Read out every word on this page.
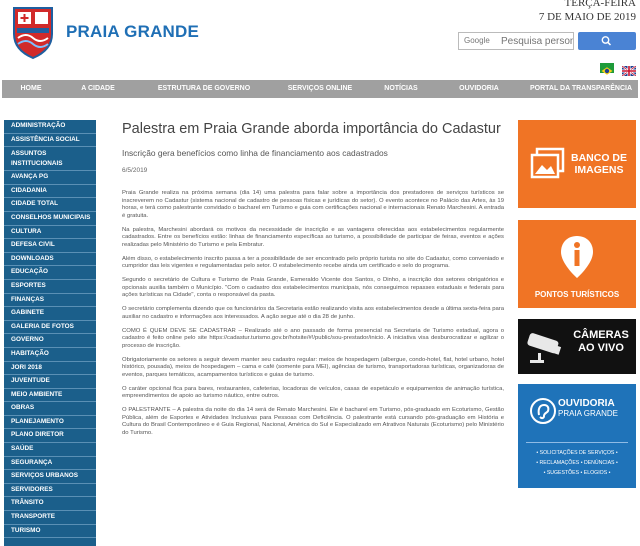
PRAIA GRANDE
TERÇA-FEIRA
7 DE MAIO DE 2019
Google
Pesquisa persona
HOME	A CIDADE	ESTRUTURA DE GOVERNO	SERVIÇOS ONLINE	NOTÍCIAS	OUVIDORIA	PORTAL DA TRANSPARÊNCIA
ADMINISTRAÇÃO
ASSISTÊNCIA SOCIAL
ASSUNTOS INSTITUCIONAIS
AVANÇA PG
CIDADANIA
CIDADE TOTAL
CONSELHOS MUNICIPAIS
CULTURA
DEFESA CIVIL
DOWNLOADS
EDUCAÇÃO
ESPORTES
FINANÇAS
GABINETE
GALERIA DE FOTOS
GOVERNO
HABITAÇÃO
JORI 2018
JUVENTUDE
MEIO AMBIENTE
OBRAS
PLANEJAMENTO
PLANO DIRETOR
SAÚDE
SEGURANÇA
SERVIÇOS URBANOS
SERVIDORES
TRÂNSITO
TRANSPORTE
TURISMO
Palestra em Praia Grande aborda importância do Cadastur
Inscrição gera benefícios como linha de financiamento aos cadastrados
6/5/2019

Praia Grande realiza na próxima semana (dia 14) uma palestra para falar sobre a importância dos prestadores de serviços turísticos se inscreverem no Cadastur (sistema nacional de cadastro de pessoas físicas e jurídicas do setor). O evento acontece no Palácio das Artes, às 19 horas, e terá como palestrante convidado o bacharel em Turismo e guia com certificações nacional e internacionais Renato Marchesini. A entrada é gratuita.

Na palestra, Marchesini abordará os motivos da necessidade de inscrição e as vantagens oferecidas aos estabelecimentos regularmente cadastrados. Entre os benefícios estão: linhas de financiamento específicas ao turismo, a possibilidade de participar de feiras, eventos e ações realizadas pelo Ministério do Turismo e pela Embratur.

Além disso, o estabelecimento inscrito passa a ter a possibilidade de ser encontrado pelo próprio turista no site do Cadastur, como conveniado e cumpridor das leis vigentes e regulamentadas pelo setor. O estabelecimento recebe ainda um certificado e selo do programa.

Segundo o secretário de Cultura e Turismo de Praia Grande, Esmeraldo Vicente dos Santos, o Dinho, a inscrição dos setores obrigatórios e opcionais auxilia também o Município. "Com o cadastro dos estabelecimentos municipais, nós conseguimos repasses estaduais e federais para ações turísticas na Cidade", conta o responsável da pasta.

O secretário complementa dizendo que os funcionários da Secretaria estão realizando visita aos estabelecimentos desde a última sexta-feira para auxiliar no cadastro e informações aos interessados. A ação segue até o dia 28 de junho.

COMO É QUEM DEVE SE CADASTRAR – Realizado até o ano passado de forma presencial na Secretaria de Turismo estadual, agora o cadastro é feito online pelo site https://cadastur.turismo.gov.br/hotsite/#!/public/sou-prestador/inicio. A iniciativa visa desburocratizar e agilizar o processo de inscrição.

Obrigatoriamente os setores a seguir devem manter seu cadastro regular: meios de hospedagem (albergue, condo-hotel, flat, hotel urbano, hotel histórico, pousada), meios de hospedagem – cama e café (somente para MEI), agências de turismo, transportadoras turísticas, organizadoras de eventos, parques temáticos, acampamentos turísticos e guias de turismo.

O caráter opcional fica para bares, restaurantes, cafeterias, locadoras de veículos, casas de espetáculo e equipamentos de animação turística, empreendimentos de apoio ao turismo náutico, entre outros.

O PALESTRANTE – A palestra da noite do dia 14 será de Renato Marchesini. Ele é bacharel em Turismo, pós-graduado em Ecoturismo, Gestão Pública, além de Esportes e Atividades Inclusivas para Pessoas com Deficiência. O palestrante está cursando pós-graduação em História e Cultura do Brasil Contemporâneo e é Guia Regional, Nacional, América do Sul e Especializado em Atrativos Naturais (Ecoturismo) pelo Ministério do Turismo.

BANCO DE
IMAGENS
PONTOS TURÍSTICOS
CÂMERAS
AO VIVO
OUVIDORIA
PRAIA GRANDE
• SOLICITAÇÕES DE SERVIÇOS •
• RECLAMAÇÕES • DENÚNCIAS •
• SUGESTÕES • ELOGIOS •
